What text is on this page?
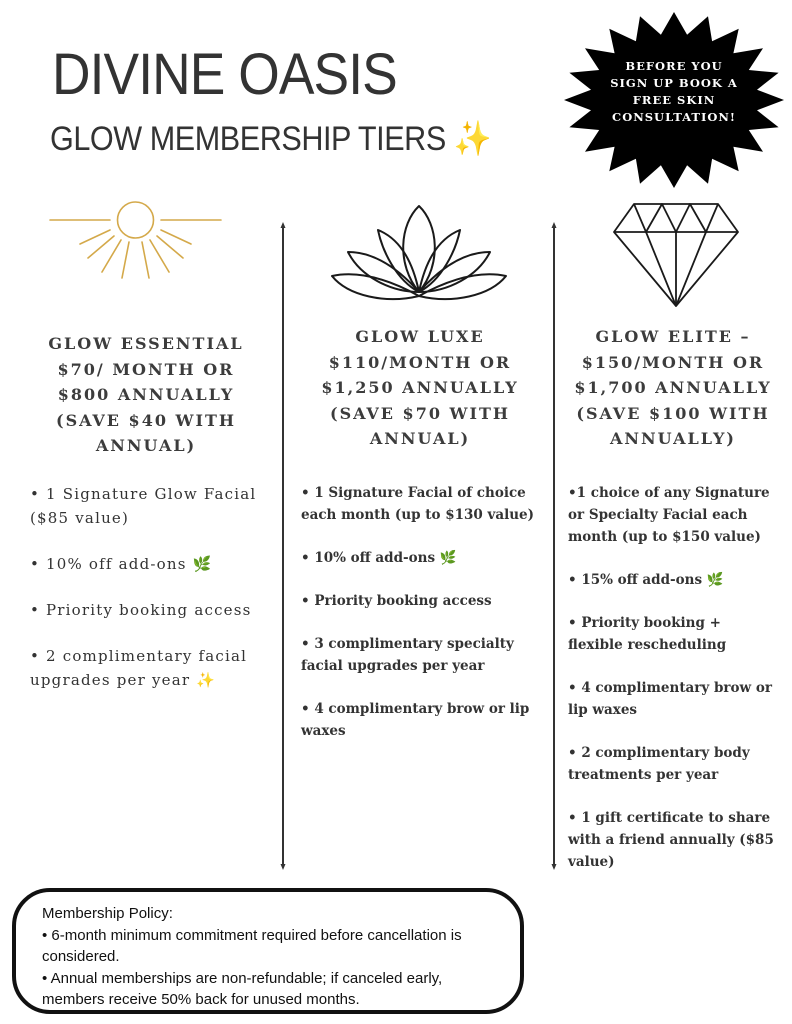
DIVINE OASIS
GLOW MEMBERSHIP TIERS ✨

BEFORE YOU
SIGN UP BOOK A
FREE SKIN
CONSULTATION!

GLOW ESSENTIAL
$70/ MONTH OR
$800 ANNUALLY
(SAVE $40 WITH
ANNUAL)
• 1 Signature Glow Facial ($85 value)
• 10% off add-ons 🌿
• Priority booking access
• 2 complimentary facial upgrades per year ✨
GLOW LUXE
$110/MONTH OR
$1,250 ANNUALLY
(SAVE $70 WITH
ANNUAL)
• 1 Signature Facial of choice each month (up to $130 value)
• 10% off add-ons 🌿
• Priority booking access
• 3 complimentary specialty facial upgrades per year
• 4 complimentary brow or lip waxes
GLOW ELITE –
$150/MONTH OR
$1,700 ANNUALLY
(SAVE $100 WITH
ANNUALLY)
•1 choice of any Signature or Specialty Facial each month (up to $150 value)
• 15% off add-ons 🌿
• Priority booking + flexible rescheduling
• 4 complimentary brow or lip waxes
• 2 complimentary body treatments per year
• 1 gift certificate to share with a friend annually ($85 value)

Membership Policy:

• 6-month minimum commitment required before cancellation is considered.

• Annual memberships are non-refundable; if canceled early, members receive 50% back for unused months.
